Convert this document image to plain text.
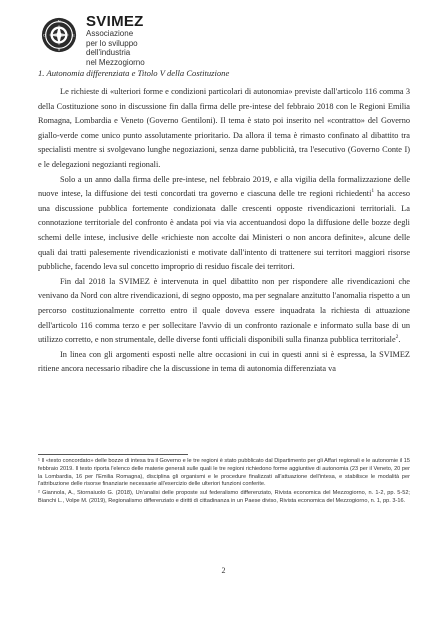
N
E
O
S
SVIMEZ
Associazione
per lo sviluppo
dell'industria
nel Mezzogiorno

1. Autonomia differenziata e Titolo V della Costituzione

Le richieste di «ulteriori forme e condizioni particolari di autonomia» previste dall'articolo 116 comma 3 della Costituzione sono in discussione fin dalla firma delle pre-intese del febbraio 2018 con le Regioni Emilia Romagna, Lombardia e Veneto (Governo Gentiloni). Il tema è stato poi inserito nel «contratto» del Governo giallo-verde come unico punto assolutamente prioritario. Da allora il tema è rimasto confinato al dibattito tra specialisti mentre si svolgevano lunghe negoziazioni, senza darne pubblicità, tra l'esecutivo (Governo Conte I) e le delegazioni negozianti regionali.

Solo a un anno dalla firma delle pre-intese, nel febbraio 2019, e alla vigilia della formalizzazione delle nuove intese, la diffusione dei testi concordati tra governo e ciascuna delle tre regioni richiedenti$^1$ ha acceso una discussione pubblica fortemente condizionata dalle crescenti opposte rivendicazioni territoriali. La connotazione territoriale del confronto è andata poi via via accentuandosi dopo la diffusione delle bozze degli schemi delle intese, inclusive delle «richieste non accolte dai Ministeri o non ancora definite», alcune delle quali dai tratti palesemente rivendicazionisti e motivate dall'intento di trattenere sui territori maggiori risorse pubbliche, facendo leva sul concetto improprio di residuo fiscale dei territori.

Fin dal 2018 la SVIMEZ è intervenuta in quel dibattito non per rispondere alle rivendicazioni che venivano da Nord con altre rivendicazioni, di segno opposto, ma per segnalare anzitutto l'anomalia rispetto a un percorso costituzionalmente corretto entro il quale doveva essere inquadrata la richiesta di attuazione dell'articolo 116 comma terzo e per sollecitare l'avvio di un confronto razionale e informato sulla base di un utilizzo corretto, e non strumentale, delle diverse fonti ufficiali disponibili sulla finanza pubblica territoriale$^2$.

In linea con gli argomenti esposti nelle altre occasioni in cui in questi anni si è espressa, la SVIMEZ ritiene ancora necessario ribadire che la discussione in tema di autonomia differenziata va

¹ Il «testo concordato» delle bozze di intesa tra il Governo e le tre regioni è stato pubblicato dal Dipartimento per gli Affari regionali e le autonomie il 15 febbraio 2019. Il testo riporta l'elenco delle materie generali sulle quali le tre regioni richiedono forme aggiuntive di autonomia (23 per il Veneto, 20 per la Lombardia, 16 per l'Emilia Romagna), disciplina gli organismi e le procedure finalizzati all'attuazione dell'intesa, e stabilisce le modalità per l'attribuzione delle risorse finanziarie necessarie all'esercizio delle ulteriori funzioni conferite.

² Giannola, A., Stornaiuolo G. (2018), Un'analisi delle proposte sul federalismo differenziato, Rivista economica del Mezzogiorno, n. 1-2, pp. 5-52; Bianchi L., Volpe M. (2019), Regionalismo differenziato e diritti di cittadinanza in un Paese diviso, Rivista economica del Mezzogiorno, n. 1, pp. 3-16.

2
